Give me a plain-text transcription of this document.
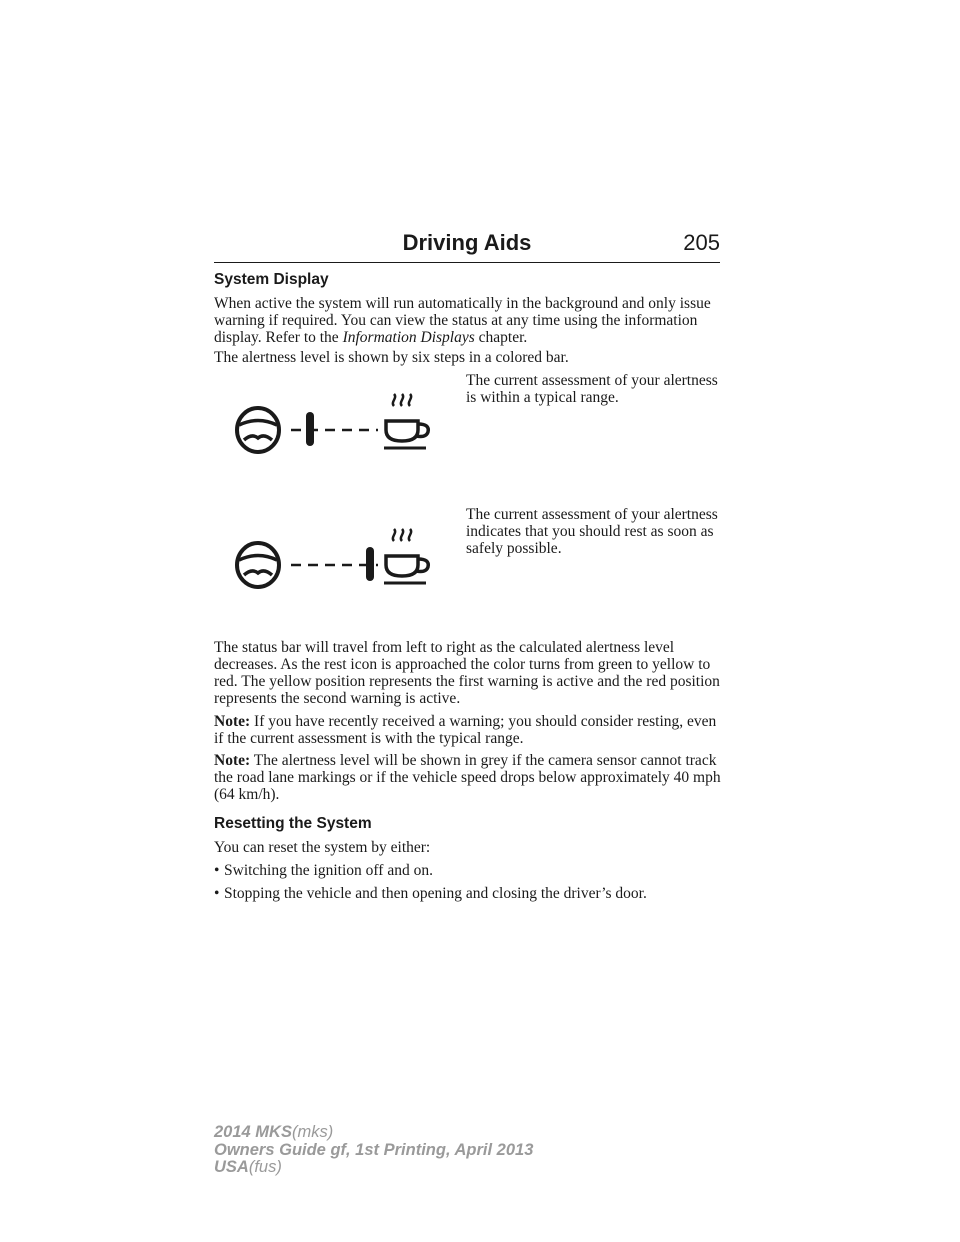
Driving Aids	205
System Display

When active the system will run automatically in the background and only issue warning if required. You can view the status at any time using the information display. Refer to the Information Displays chapter.

The alertness level is shown by six steps in a colored bar.

The current assessment of your alertness is within a typical range.

The current assessment of your alertness indicates that you should rest as soon as safely possible.

The status bar will travel from left to right as the calculated alertness level decreases. As the rest icon is approached the color turns from green to yellow to red. The yellow position represents the first warning is active and the red position represents the second warning is active.

Note: If you have recently received a warning; you should consider resting, even if the current assessment is with the typical range.

Note: The alertness level will be shown in grey if the camera sensor cannot track the road lane markings or if the vehicle speed drops below approximately 40 mph (64 km/h).

Resetting the System

You can reset the system by either:

• Switching the ignition off and on.
• Stopping the vehicle and then opening and closing the driver’s door.
2014 MKS(mks)
Owners Guide gf, 1st Printing, April 2013
USA(fus)
